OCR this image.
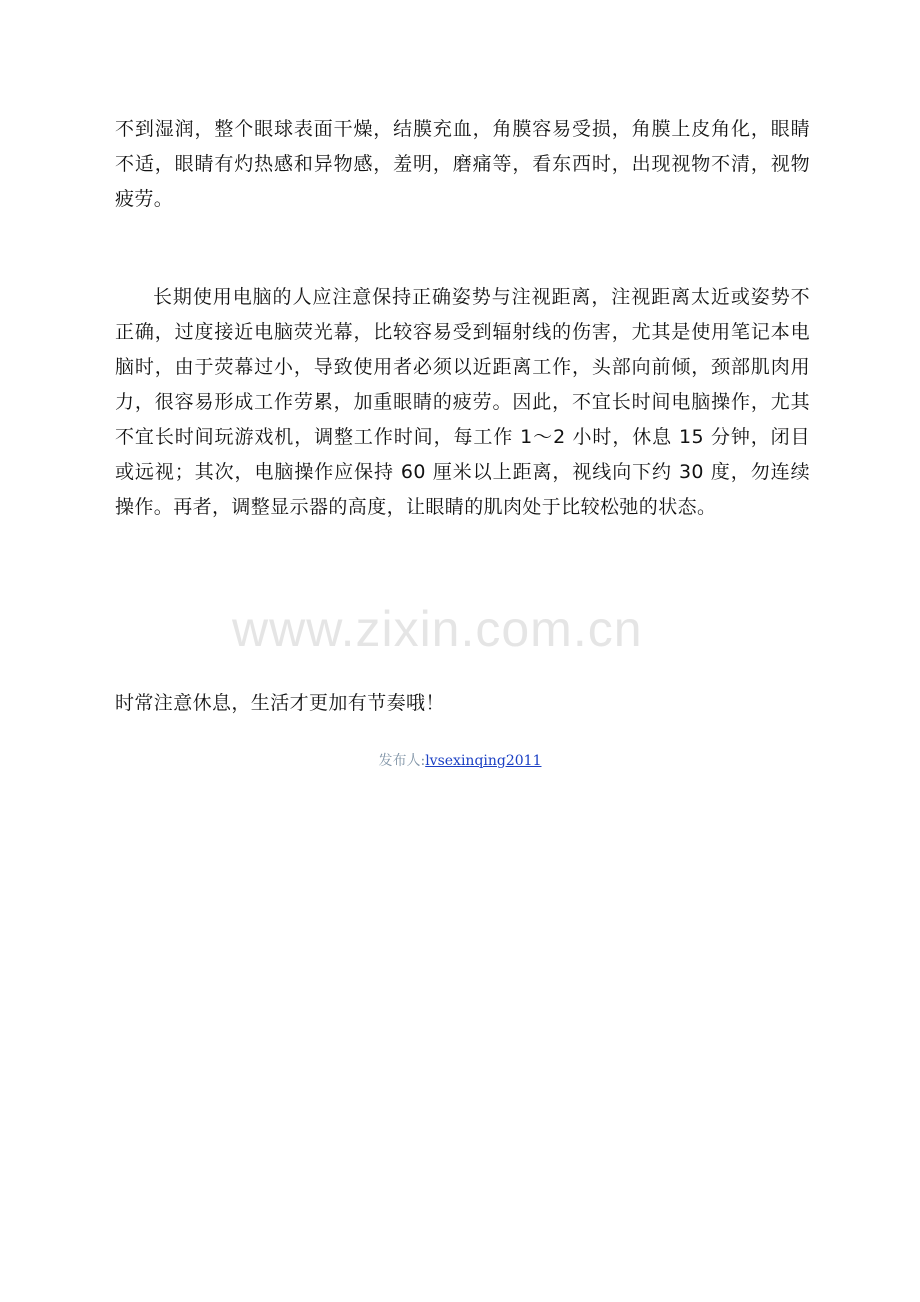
不到湿润，整个眼球表面干燥，结膜充血，角膜容易受损，角膜上皮角化，眼睛不适，眼睛有灼热感和异物感，羞明，磨痛等，看东西时，出现视物不清，视物疲劳。

长期使用电脑的人应注意保持正确姿势与注视距离，注视距离太近或姿势不正确，过度接近电脑荧光幕，比较容易受到辐射线的伤害，尤其是使用笔记本电脑时，由于荧幕过小，导致使用者必须以近距离工作，头部向前倾，颈部肌肉用力，很容易形成工作劳累，加重眼睛的疲劳。因此，不宜长时间电脑操作，尤其不宜长时间玩游戏机，调整工作时间，每工作 1～2 小时，休息 15 分钟，闭目或远视；其次，电脑操作应保持 60 厘米以上距离，视线向下约 30 度，勿连续操作。再者，调整显示器的高度，让眼睛的肌肉处于比较松弛的状态。

时常注意休息，生活才更加有节奏哦！

www.zixin.com.cn
发布人:lvsexinqing2011
